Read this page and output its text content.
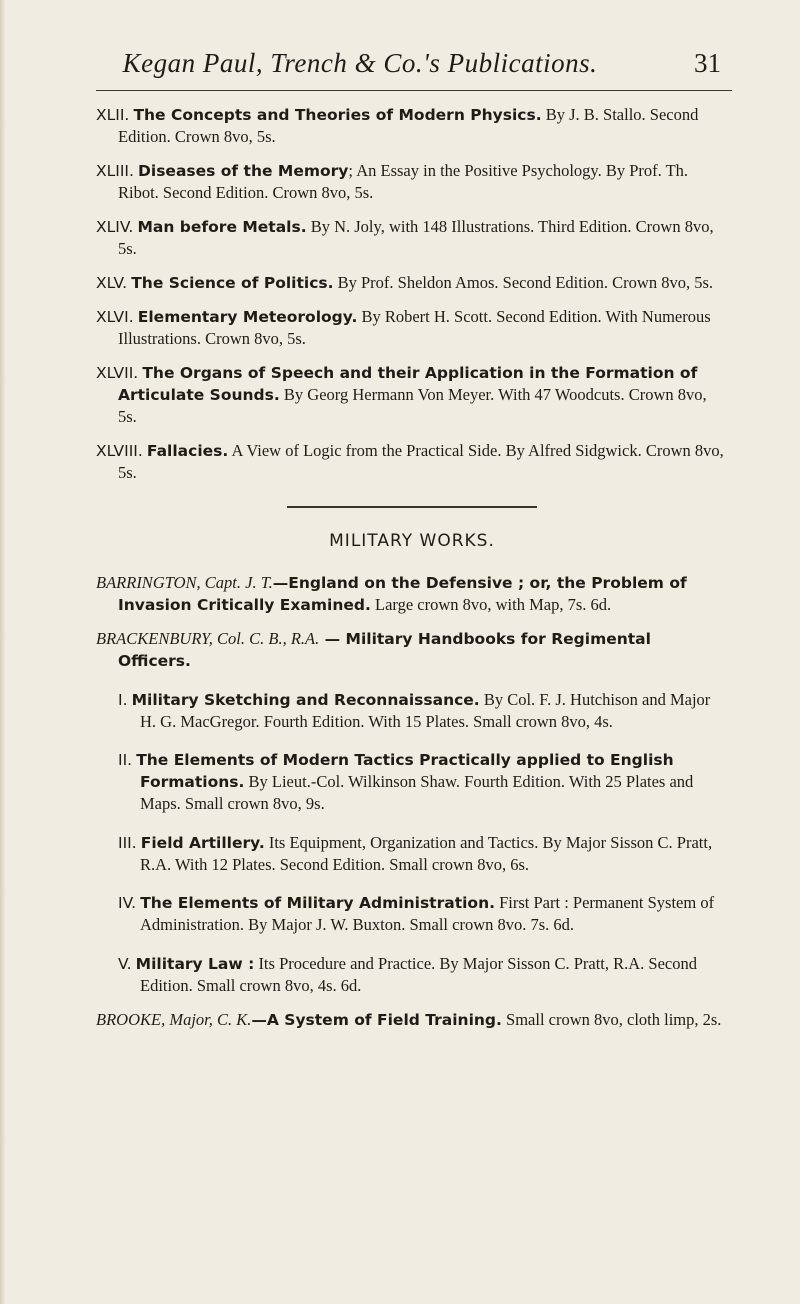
Kegan Paul, Trench & Co.'s Publications.	31

XLII. The Concepts and Theories of Modern Physics. By J. B. Stallo. Second Edition. Crown 8vo, 5s.

XLIII. Diseases of the Memory; An Essay in the Positive Psychology. By Prof. Th. Ribot. Second Edition. Crown 8vo, 5s.

XLIV. Man before Metals. By N. Joly, with 148 Illustrations. Third Edition. Crown 8vo, 5s.

XLV. The Science of Politics. By Prof. Sheldon Amos. Second Edition. Crown 8vo, 5s.

XLVI. Elementary Meteorology. By Robert H. Scott. Second Edition. With Numerous Illustrations. Crown 8vo, 5s.

XLVII. The Organs of Speech and their Application in the Formation of Articulate Sounds. By Georg Hermann Von Meyer. With 47 Woodcuts. Crown 8vo, 5s.

XLVIII. Fallacies. A View of Logic from the Practical Side. By Alfred Sidgwick. Crown 8vo, 5s.

MILITARY WORKS.

BARRINGTON, Capt. J. T.—England on the Defensive ; or, the Problem of Invasion Critically Examined. Large crown 8vo, with Map, 7s. 6d.

BRACKENBURY, Col. C. B., R.A. — Military Handbooks for Regimental Officers.

I. Military Sketching and Reconnaissance. By Col. F. J. Hutchison and Major H. G. MacGregor. Fourth Edition. With 15 Plates. Small crown 8vo, 4s.

II. The Elements of Modern Tactics Practically applied to English Formations. By Lieut.-Col. Wilkinson Shaw. Fourth Edition. With 25 Plates and Maps. Small crown 8vo, 9s.

III. Field Artillery. Its Equipment, Organization and Tactics. By Major Sisson C. Pratt, R.A. With 12 Plates. Second Edition. Small crown 8vo, 6s.

IV. The Elements of Military Administration. First Part : Permanent System of Administration. By Major J. W. Buxton. Small crown 8vo. 7s. 6d.

V. Military Law : Its Procedure and Practice. By Major Sisson C. Pratt, R.A. Second Edition. Small crown 8vo, 4s. 6d.

BROOKE, Major, C. K.—A System of Field Training. Small crown 8vo, cloth limp, 2s.
